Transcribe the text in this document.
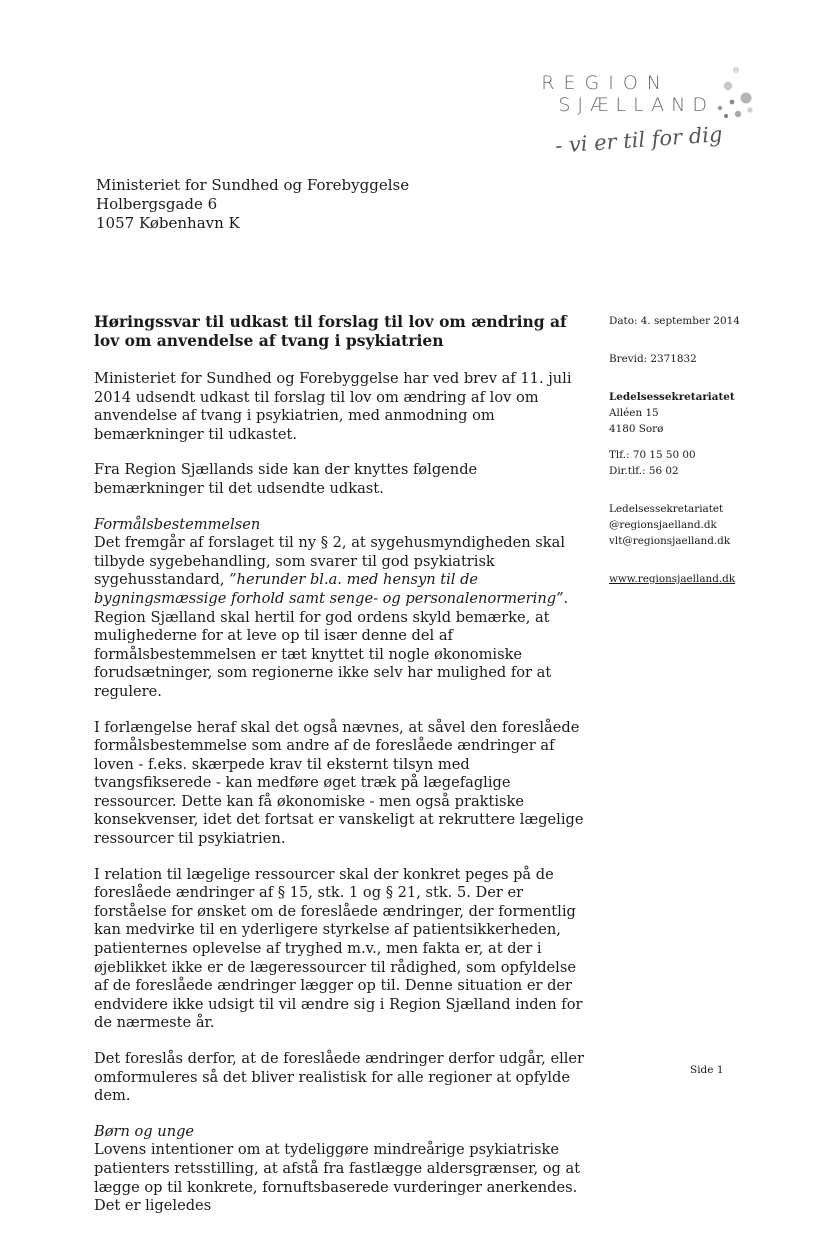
REGION
SJÆLLAND
- vi er til for dig
Ministeriet for Sundhed og Forebyggelse
Holbergsgade 6
1057 København K
Høringssvar til udkast til forslag til lov om ændring af lov om anvendelse af tvang i psykiatrien

Ministeriet for Sundhed og Forebyggelse har ved brev af 11. juli 2014 udsendt udkast til forslag til lov om ændring af lov om anvendelse af tvang i psykiatrien, med anmodning om bemærkninger til udkastet.

Fra Region Sjællands side kan der knyttes følgende bemærkninger til det udsendte udkast.

Formålsbestemmelsen

Det fremgår af forslaget til ny § 2, at sygehusmyndigheden skal tilbyde sygebehandling, som svarer til god psykiatrisk sygehusstandard, ”herunder bl.a. med hensyn til de bygningsmæssige forhold samt senge- og personalenormering”. Region Sjælland skal hertil for god ordens skyld bemærke, at mulighederne for at leve op til især denne del af formålsbestemmelsen er tæt knyttet til nogle økonomiske forudsætninger, som regionerne ikke selv har mulighed for at regulere.

I forlængelse heraf skal det også nævnes, at såvel den foreslåede formålsbestemmelse som andre af de foreslåede ændringer af loven - f.eks. skærpede krav til eksternt tilsyn med tvangsfikserede - kan medføre øget træk på lægefaglige ressourcer. Dette kan få økonomiske - men også praktiske konsekvenser, idet det fortsat er vanskeligt at rekruttere lægelige ressourcer til psykiatrien.

I relation til lægelige ressourcer skal der konkret peges på de foreslåede ændringer af § 15, stk. 1 og § 21, stk. 5. Der er forståelse for ønsket om de foreslåede ændringer, der formentlig kan medvirke til en yderligere styrkelse af patientsikkerheden, patienternes oplevelse af tryghed m.v., men fakta er, at der i øjeblikket ikke er de lægeressourcer til rådighed, som opfyldelse af de foreslåede ændringer lægger op til. Denne situation er der endvidere ikke udsigt til vil ændre sig i Region Sjælland inden for de nærmeste år.

Det foreslås derfor, at de foreslåede ændringer derfor udgår, eller omformuleres så det bliver realistisk for alle regioner at opfylde dem.

Børn og unge

Lovens intentioner om at tydeliggøre mindreårige psykiatriske patienters retsstilling, at afstå fra fastlægge aldersgrænser, og at lægge op til konkrete, fornuftsbaserede vurderinger anerkendes. Det er ligeledes

Dato: 4. september 2014
Brevid: 2371832
Ledelsessekretariatet
Alléen 15
4180 Sorø
Tlf.: 70 15 50 00
Dir.tlf.: 56 02
Ledelsessekretariatet
@regionsjaelland.dk
vlt@regionsjaelland.dk
www.regionsjaelland.dk
Side 1
